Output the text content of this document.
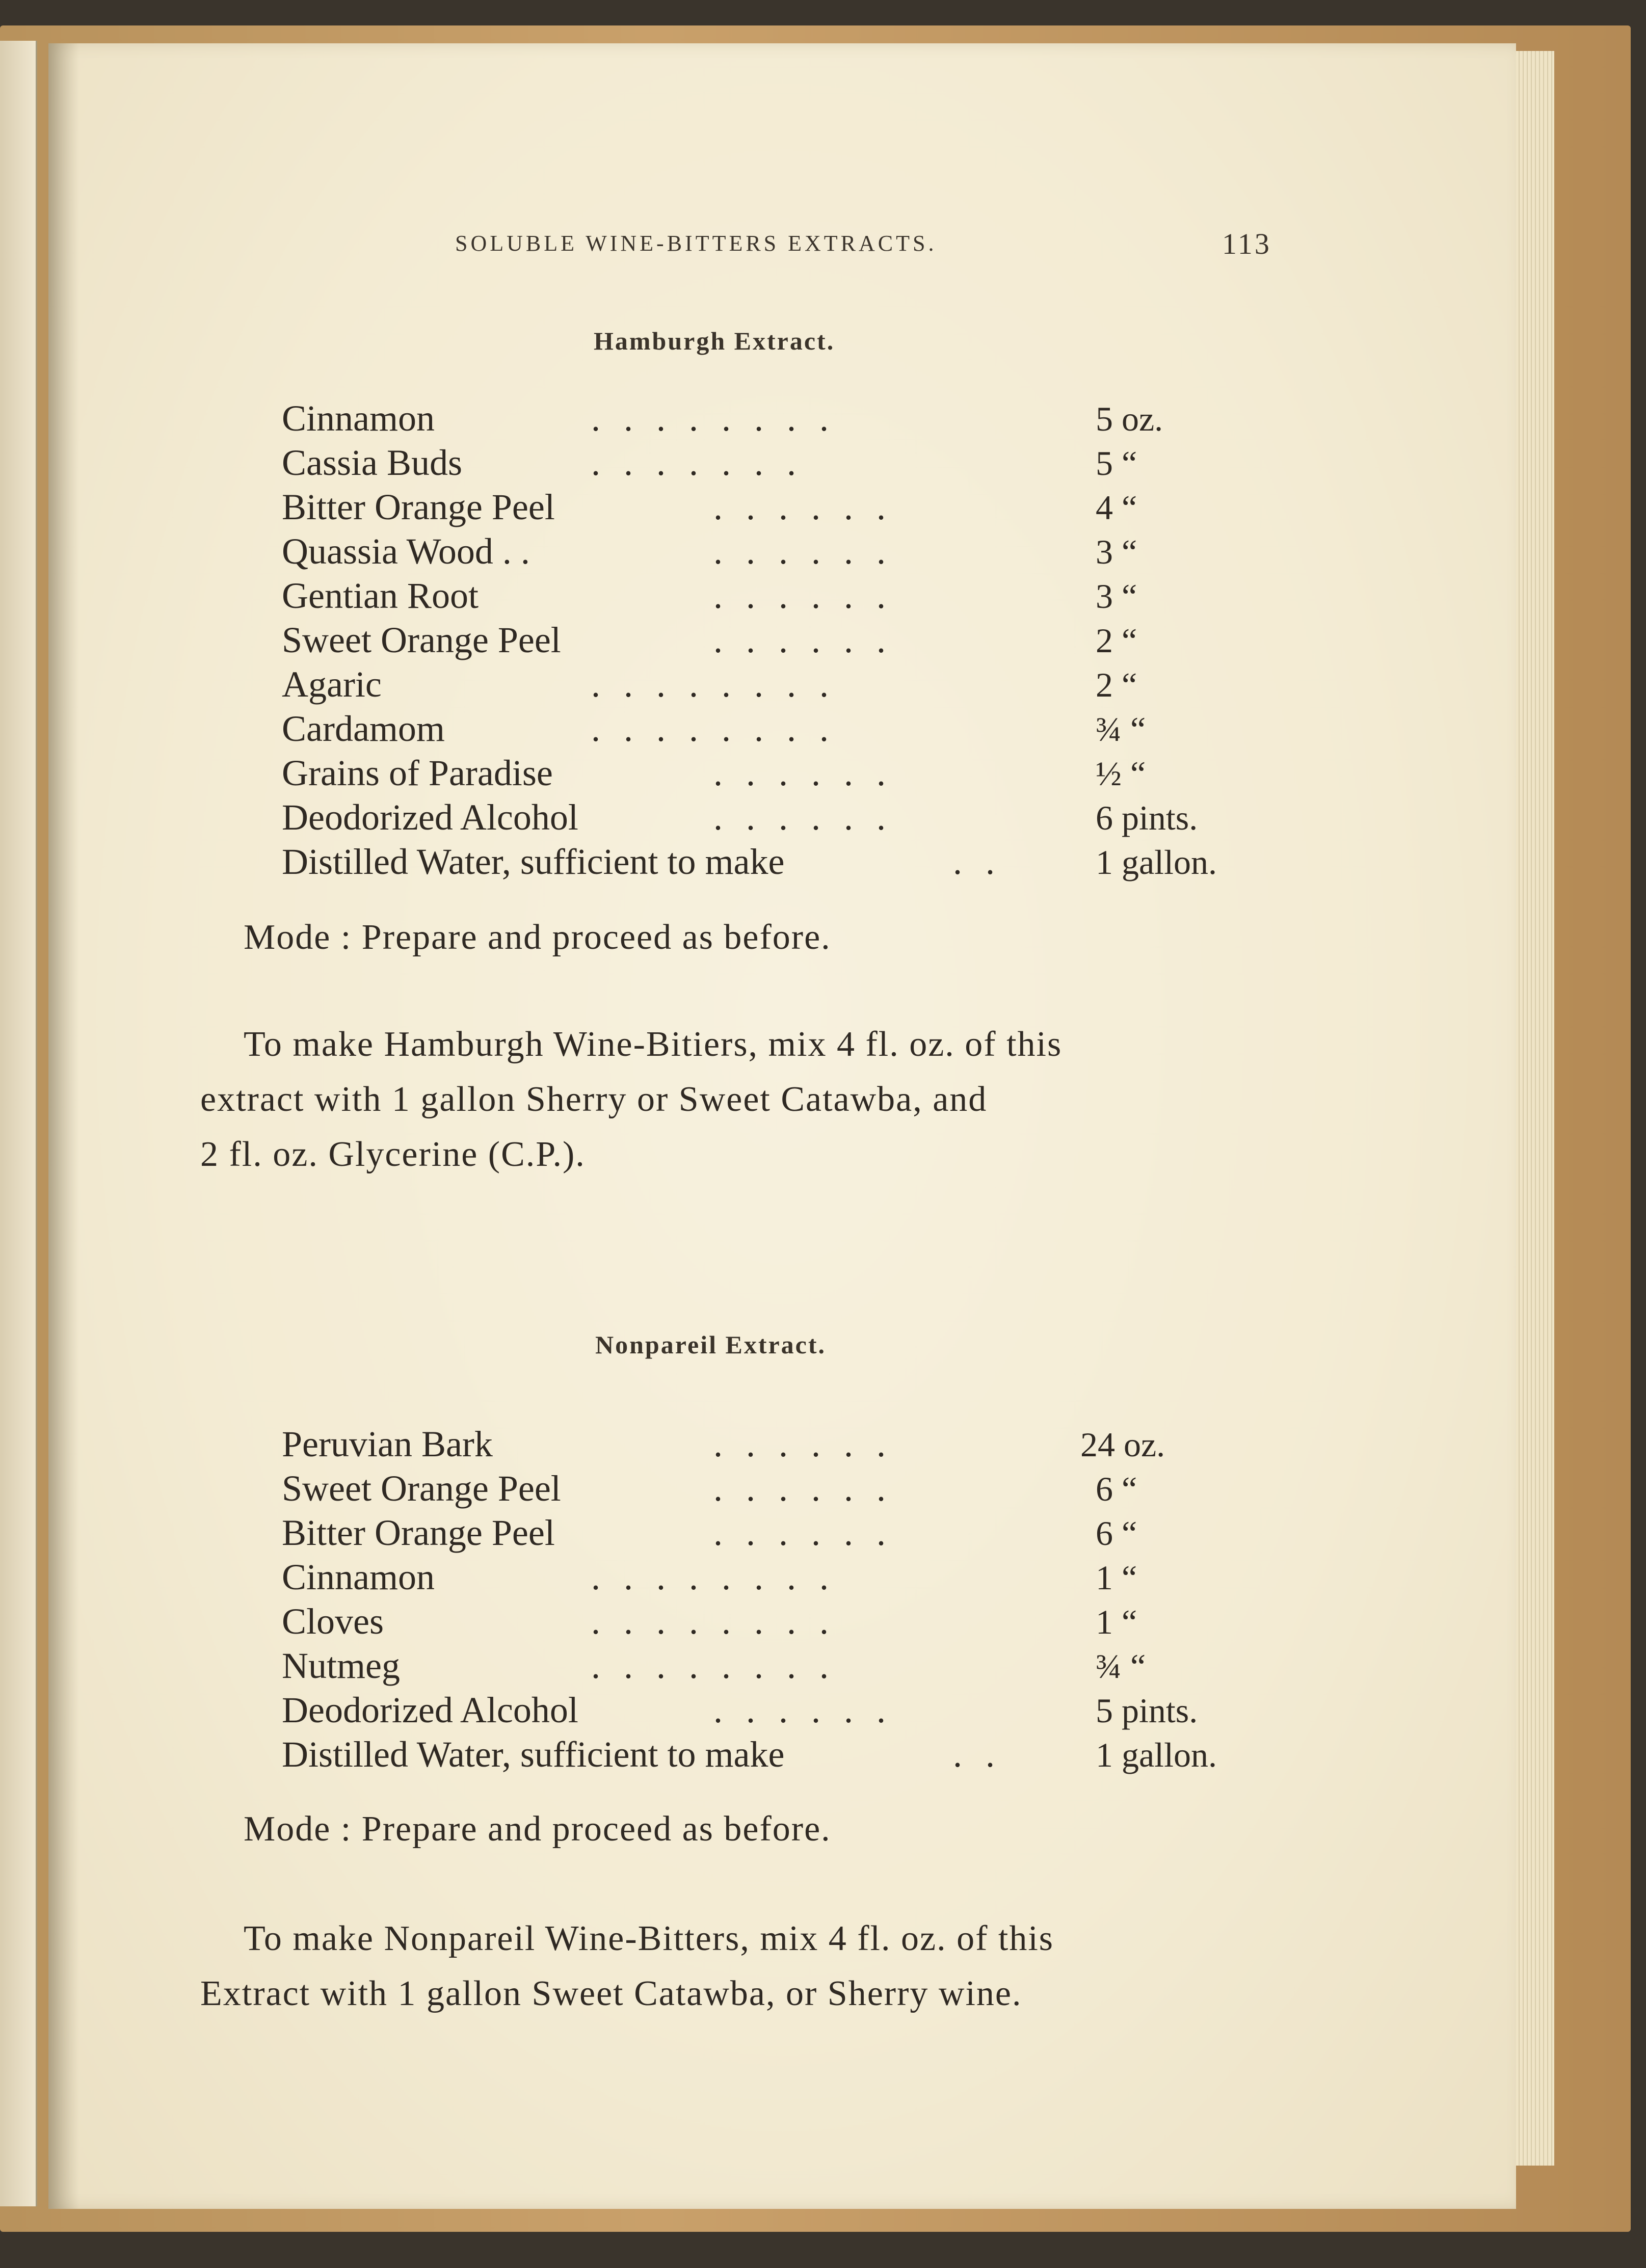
SOLUBLE WINE-BITTERS EXTRACTS.	113
Hamburgh Extract.
Cinnamon	. . . . . . . .	5 oz.
Cassia Buds	. . . . . . .	5 “
Bitter Orange Peel	. . . . . .	4 “
Quassia Wood . .	. . . . . .	3 “
Gentian Root	. . . . . .	3 “
Sweet Orange Peel	. . . . . .	2 “
Agaric	. . . . . . . .	2 “
Cardamom	. . . . . . . .	¾ “
Grains of Paradise	. . . . . .	½ “
Deodorized Alcohol	. . . . . .	6 pints.
Distilled Water, sufficient to make	. .	1 gallon.
Mode : Prepare and proceed as before.
To make Hamburgh Wine-Bitiers, mix 4 fl. oz. of this
extract with 1 gallon Sherry or Sweet Catawba, and
2 fl. oz. Glycerine (C.P.).
Nonpareil Extract.
Peruvian Bark	. . . . . .	24 oz.
Sweet Orange Peel	. . . . . .	6 “
Bitter Orange Peel	. . . . . .	6 “
Cinnamon	. . . . . . . .	1 “
Cloves	. . . . . . . .	1 “
Nutmeg	. . . . . . . .	¾ “
Deodorized Alcohol	. . . . . .	5 pints.
Distilled Water, sufficient to make	. .	1 gallon.
Mode : Prepare and proceed as before.
To make Nonpareil Wine-Bitters, mix 4 fl. oz. of this
Extract with 1 gallon Sweet Catawba, or Sherry wine.
